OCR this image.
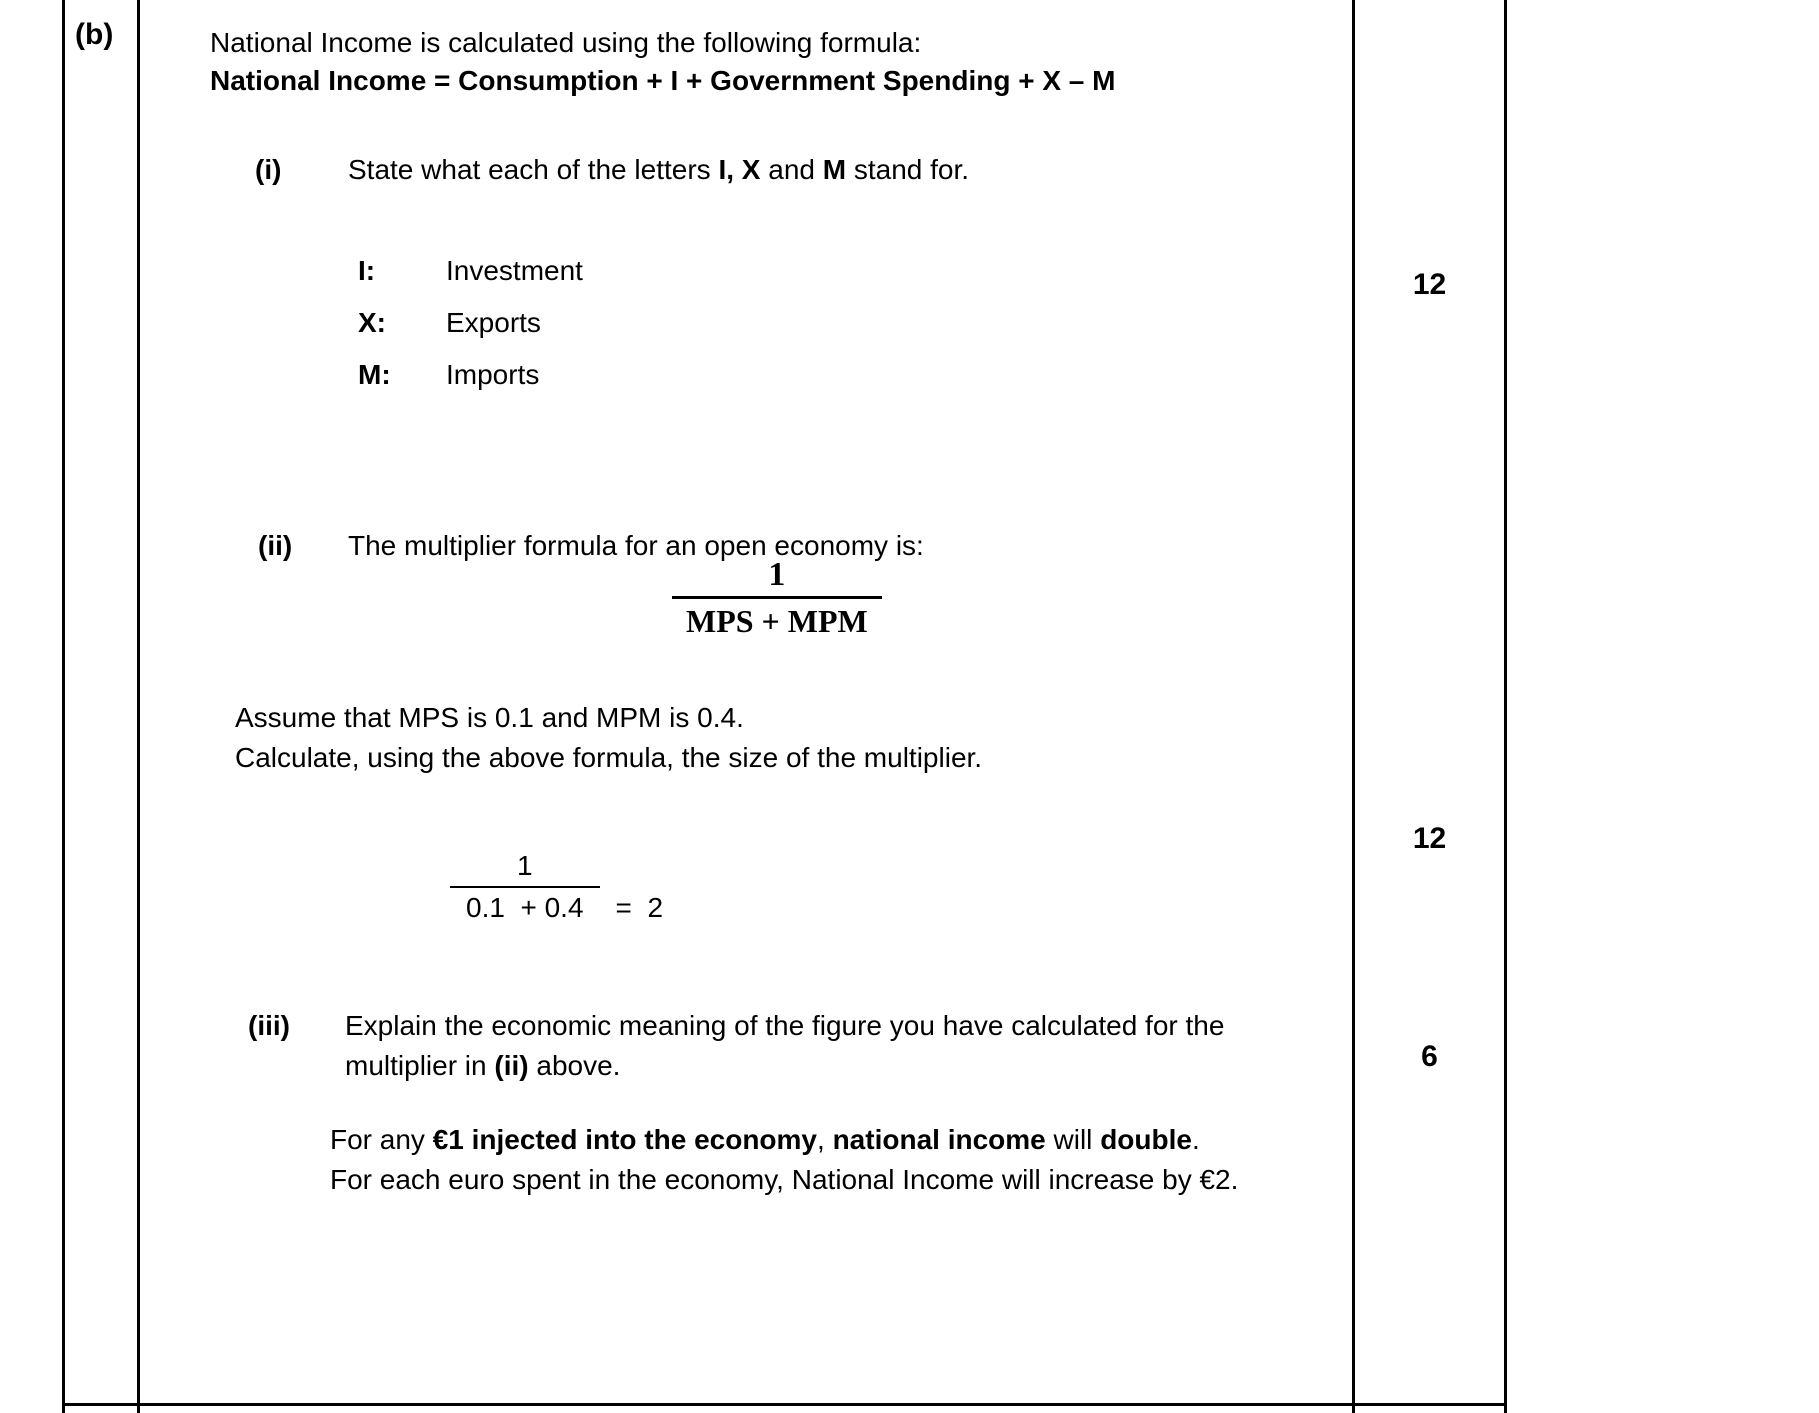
(b)	National Income is calculated using the following formula:
National Income = Consumption + I + Government Spending + X – M
(i) State what each of the letters I, X and M stand for.
I:	Investment
X:	Exports
M:	Imports
(ii) The multiplier formula for an open economy is:
$\frac{1}{\text{MPS + MPM}}$
Assume that MPS is 0.1 and MPM is 0.4.
Calculate, using the above formula, the size of the multiplier.
$\frac{1}{0.1 + 0.4} = 2$
(iii) Explain the economic meaning of the figure you have calculated for the
multiplier in (ii) above.
For any €1 injected into the economy, national income will double.
For each euro spent in the economy, National Income will increase by €2.
12
12
6
